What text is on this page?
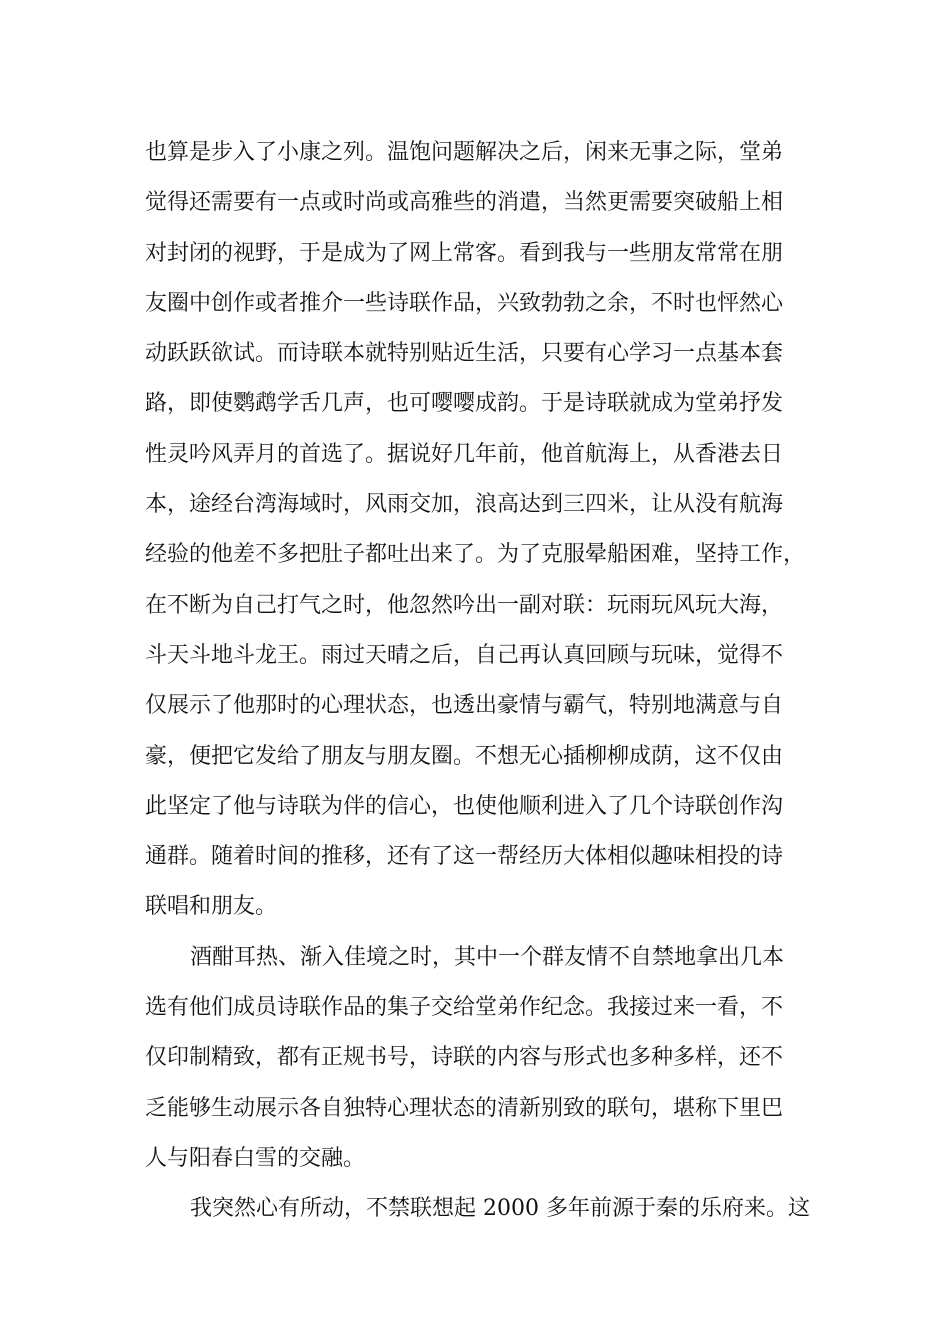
也算是步入了小康之列。温饱问题解决之后，闲来无事之际，堂弟
觉得还需要有一点或时尚或高雅些的消遣，当然更需要突破船上相
对封闭的视野，于是成为了网上常客。看到我与一些朋友常常在朋
友圈中创作或者推介一些诗联作品，兴致勃勃之余，不时也怦然心
动跃跃欲试。而诗联本就特别贴近生活，只要有心学习一点基本套
路，即使鹦鹉学舌几声，也可嘤嘤成韵。于是诗联就成为堂弟抒发
性灵吟风弄月的首选了。据说好几年前，他首航海上，从香港去日
本，途经台湾海域时，风雨交加，浪高达到三四米，让从没有航海
经验的他差不多把肚子都吐出来了。为了克服晕船困难，坚持工作，
在不断为自己打气之时，他忽然吟出一副对联：玩雨玩风玩大海，
斗天斗地斗龙王。雨过天晴之后，自己再认真回顾与玩味，觉得不
仅展示了他那时的心理状态，也透出豪情与霸气，特别地满意与自
豪，便把它发给了朋友与朋友圈。不想无心插柳柳成荫，这不仅由
此坚定了他与诗联为伴的信心，也使他顺利进入了几个诗联创作沟
通群。随着时间的推移，还有了这一帮经历大体相似趣味相投的诗
联唱和朋友。
酒酣耳热、渐入佳境之时，其中一个群友情不自禁地拿出几本
选有他们成员诗联作品的集子交给堂弟作纪念。我接过来一看，不
仅印制精致，都有正规书号，诗联的内容与形式也多种多样，还不
乏能够生动展示各自独特心理状态的清新别致的联句，堪称下里巴
人与阳春白雪的交融。
我突然心有所动，不禁联想起 2000 多年前源于秦的乐府来。这
